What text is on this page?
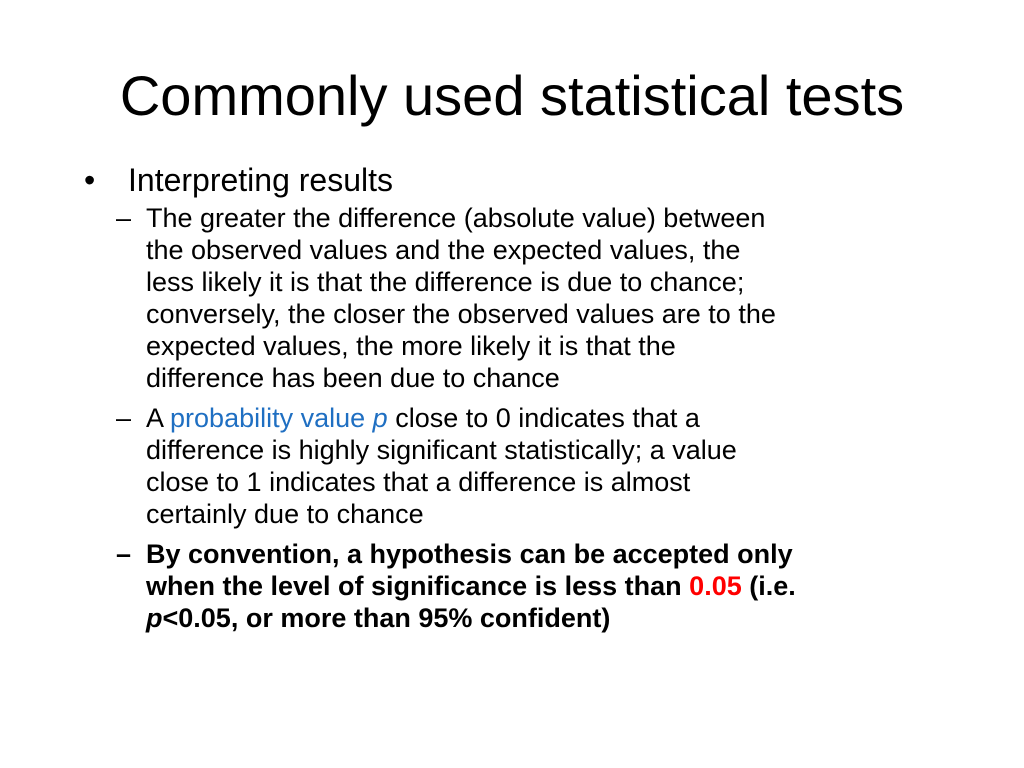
Commonly used statistical tests
• Interpreting results
– The greater the difference (absolute value) between
the observed values and the expected values, the
less likely it is that the difference is due to chance;
conversely, the closer the observed values are to the
expected values, the more likely it is that the
difference has been due to chance
– A probability value p close to 0 indicates that a
difference is highly significant statistically; a value
close to 1 indicates that a difference is almost
certainly due to chance
– By convention, a hypothesis can be accepted only
when the level of significance is less than 0.05 (i.e.
p<0.05, or more than 95% confident)
